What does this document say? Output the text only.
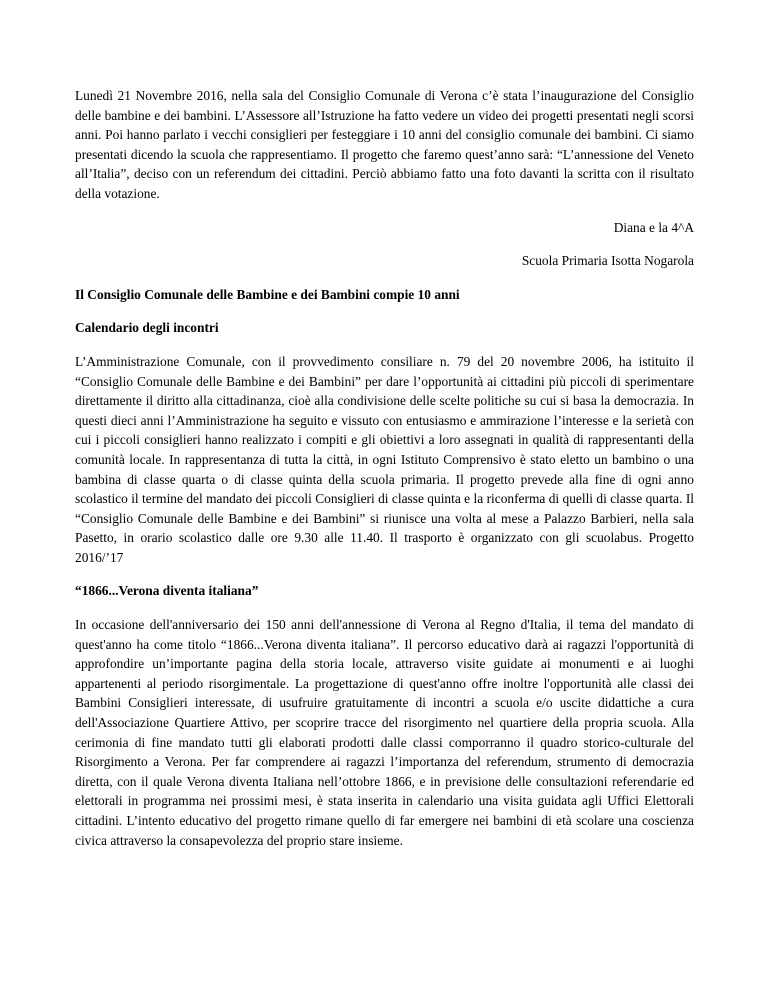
Lunedì 21 Novembre 2016, nella sala del Consiglio Comunale di Verona c’è stata l’inaugurazione del Consiglio delle bambine e dei bambini. L’Assessore all’Istruzione ha fatto vedere un video dei progetti presentati negli scorsi anni. Poi hanno parlato i vecchi consiglieri per festeggiare i 10 anni del consiglio comunale dei bambini. Ci siamo presentati dicendo la scuola che rappresentiamo. Il progetto che faremo quest’anno sarà: “L’annessione del Veneto all’Italia”, deciso con un referendum dei cittadini. Perciò abbiamo fatto una foto davanti la scritta con il risultato della votazione.

Diana e la 4^A

Scuola Primaria Isotta Nogarola

Il Consiglio Comunale delle Bambine e dei Bambini compie 10 anni

Calendario degli incontri

L’Amministrazione Comunale, con il provvedimento consiliare n. 79 del 20 novembre 2006, ha istituito il “Consiglio Comunale delle Bambine e dei Bambini” per dare l’opportunità ai cittadini più piccoli di sperimentare direttamente il diritto alla cittadinanza, cioè alla condivisione delle scelte politiche su cui si basa la democrazia. In questi dieci anni l’Amministrazione ha seguito e vissuto con entusiasmo e ammirazione l’interesse e la serietà con cui i piccoli consiglieri hanno realizzato i compiti e gli obiettivi a loro assegnati in qualità di rappresentanti della comunità locale. In rappresentanza di tutta la città, in ogni Istituto Comprensivo è stato eletto un bambino o una bambina di classe quarta o di classe quinta della scuola primaria. Il progetto prevede alla fine di ogni anno scolastico il termine del mandato dei piccoli Consiglieri di classe quinta e la riconferma di quelli di classe quarta. Il “Consiglio Comunale delle Bambine e dei Bambini” si riunisce una volta al mese a Palazzo Barbieri, nella sala Pasetto, in orario scolastico dalle ore 9.30 alle 11.40. Il trasporto è organizzato con gli scuolabus. Progetto 2016/’17

“1866...Verona diventa italiana”

In occasione dell'anniversario dei 150 anni dell'annessione di Verona al Regno d'Italia, il tema del mandato di quest'anno ha come titolo “1866...Verona diventa italiana”. Il percorso educativo darà ai ragazzi l'opportunità di approfondire un’importante pagina della storia locale, attraverso visite guidate ai monumenti e ai luoghi appartenenti al periodo risorgimentale. La progettazione di quest'anno offre inoltre l'opportunità alle classi dei Bambini Consiglieri interessate, di usufruire gratuitamente di incontri a scuola e/o uscite didattiche a cura dell'Associazione Quartiere Attivo, per scoprire tracce del risorgimento nel quartiere della propria scuola. Alla cerimonia di fine mandato tutti gli elaborati prodotti dalle classi comporranno il quadro storico-culturale del Risorgimento a Verona. Per far comprendere ai ragazzi l’importanza del referendum, strumento di democrazia diretta, con il quale Verona diventa Italiana nell’ottobre 1866, e in previsione delle consultazioni referendarie ed elettorali in programma nei prossimi mesi, è stata inserita in calendario una visita guidata agli Uffici Elettorali cittadini. L’intento educativo del progetto rimane quello di far emergere nei bambini di età scolare una coscienza civica attraverso la consapevolezza del proprio stare insieme.
